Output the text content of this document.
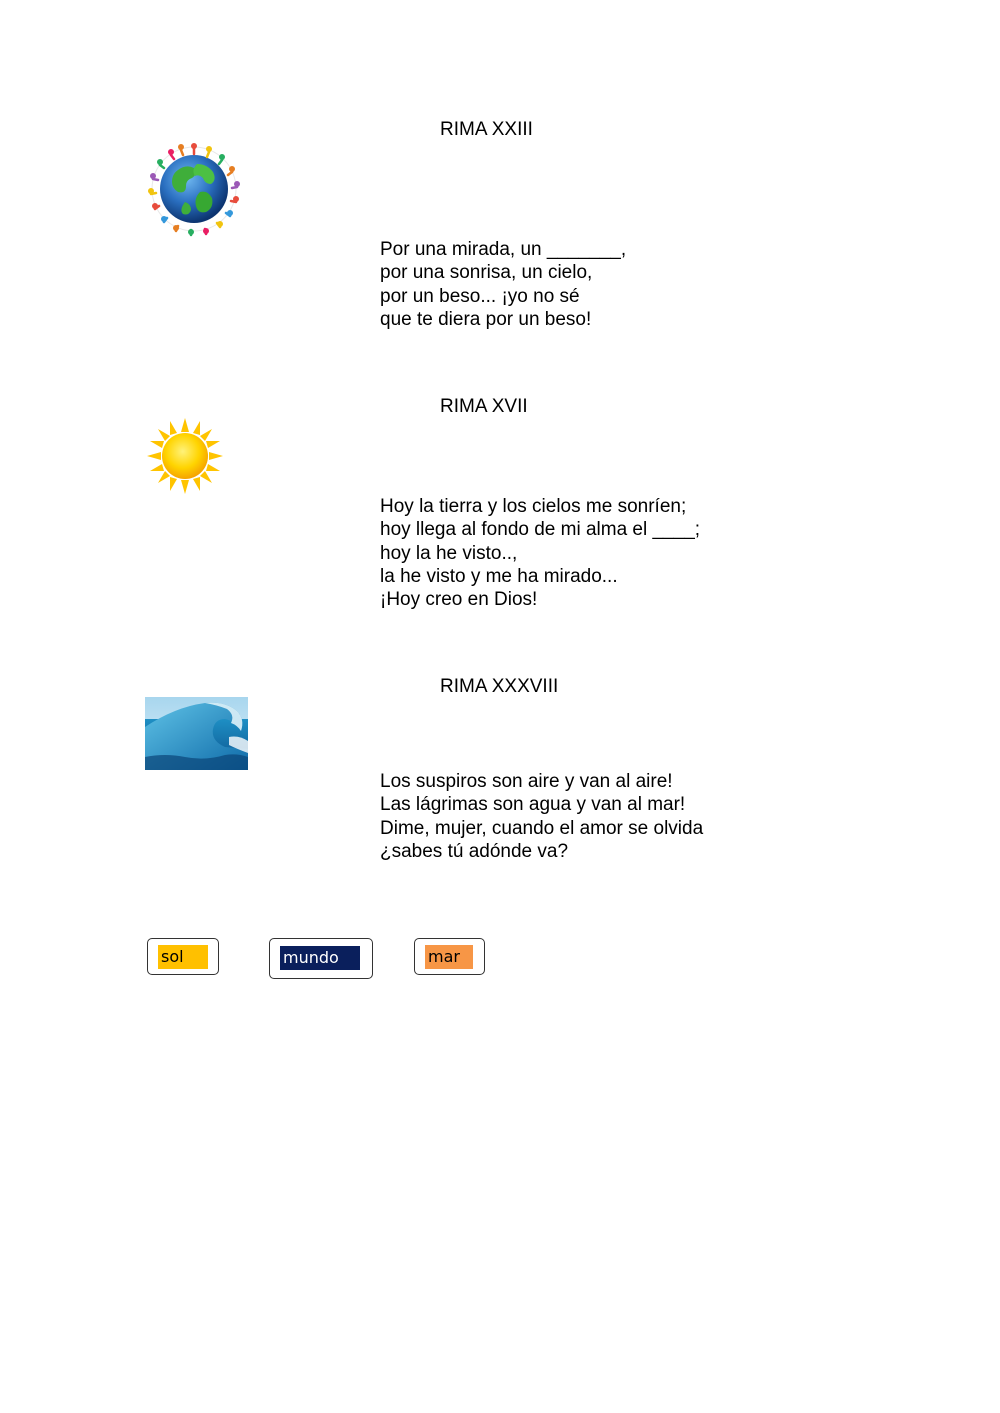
RIMA XXIII
Por una mirada, un _______,
por una sonrisa, un cielo,
por un beso... ¡yo no sé
que te diera por un beso!
RIMA XVII
Hoy la tierra y los cielos me sonríen;
hoy llega al fondo de mi alma el ____;
hoy la he visto..,
la he visto y me ha mirado...
¡Hoy creo en Dios!
RIMA XXXVIII
Los suspiros son aire y van al aire!
Las lágrimas son agua y van al mar!
Dime, mujer, cuando el amor se olvida
¿sabes tú adónde va?
sol	mundo	mar
